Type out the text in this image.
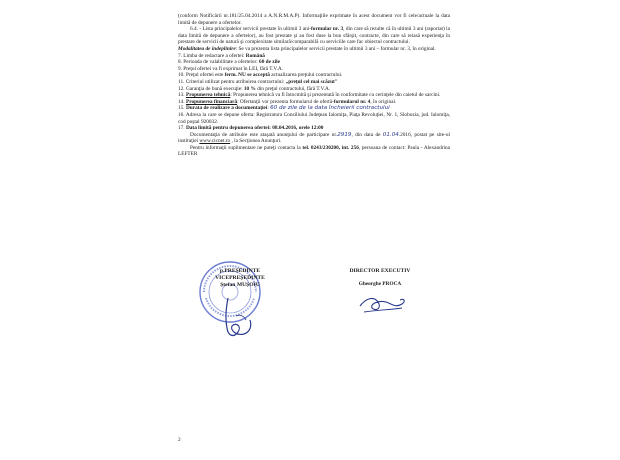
(conform Notificării nr.181/25.04.2014 a A.N.R.M.A.P). Informaţiile exprimate în acest document vor fi cele/actuale la data limită de depunere a ofertelor.

6.4. - Lista principalelor servicii prestate în ultimii 3 ani-formular nr. 3, din care să rezulte că în ultimii 3 ani (raportat) la data limită de depunere a ofertelor), au fost prestate şi au fost duse la bun sfârşit, contracte, din care să reiasă experienţa în prestare de servicii de natură şi complexitate similară/comparabilă cu serviciile care fac obiectul contractului.

Modalitatea de îndeplinire: Se va prezenta lista principalelor servicii prestate în ultimii 3 ani – formular nr. 3, în original.

7. Limba de redactare a ofertei: Română

8. Perioada de valabilitate a ofertelor: 60 de zile

9. Preţul ofertei va fi exprimat în LEI, fără T.V.A.

10. Preţul ofertei este ferm. NU se acceptă actualizarea preţului contractului.

11. Criteriul utilizat pentru atribuirea contractului: „preţul cel mai scăzut"

12. Garanţia de bună execuţie: 10 % din preţul contractului, fără T.V.A.

13. Propunerea tehnică: Propunerea tehnică va fi întocmită şi prezentată în conformitate cu cerinţele din caietul de sarcini.

14. Propunerea financiară: Ofertanţii vor prezenta formularul de ofertă-formularul nr. 4, în original.

15. Durata de realizare a documentaţiei: 60 de zile de la data încheierii contractului

16. Adresa la care se depune oferta: Registratura Consiliului Judeţean Ialomiţa, Piaţa Revoluţiei, Nr. 1, Slobozia, jud. Ialomiţa, cod poştal 920032.

17. Data limită pentru depunerea ofertei: 08.04.2016, orele 12:00

Documentaţia de atribuire este ataşată anunţului de participare nr.2919, din data de 01.04.2016, postat pe site-ul instituţiei www.cicnet.ro , la Secţiunea Anunţuri.

Pentru informaţii suplimentare ne puteţi contacta la tel. 0243/230200, int. 256, persoana de contact: Paula - Alexandrina LEFTER

p.PREŞEDINTE
VICEPREŞEDINTE
Ştefan MUŞOIU
DIRECTOR EXECUTIV
Gheorghe PROCA
2
